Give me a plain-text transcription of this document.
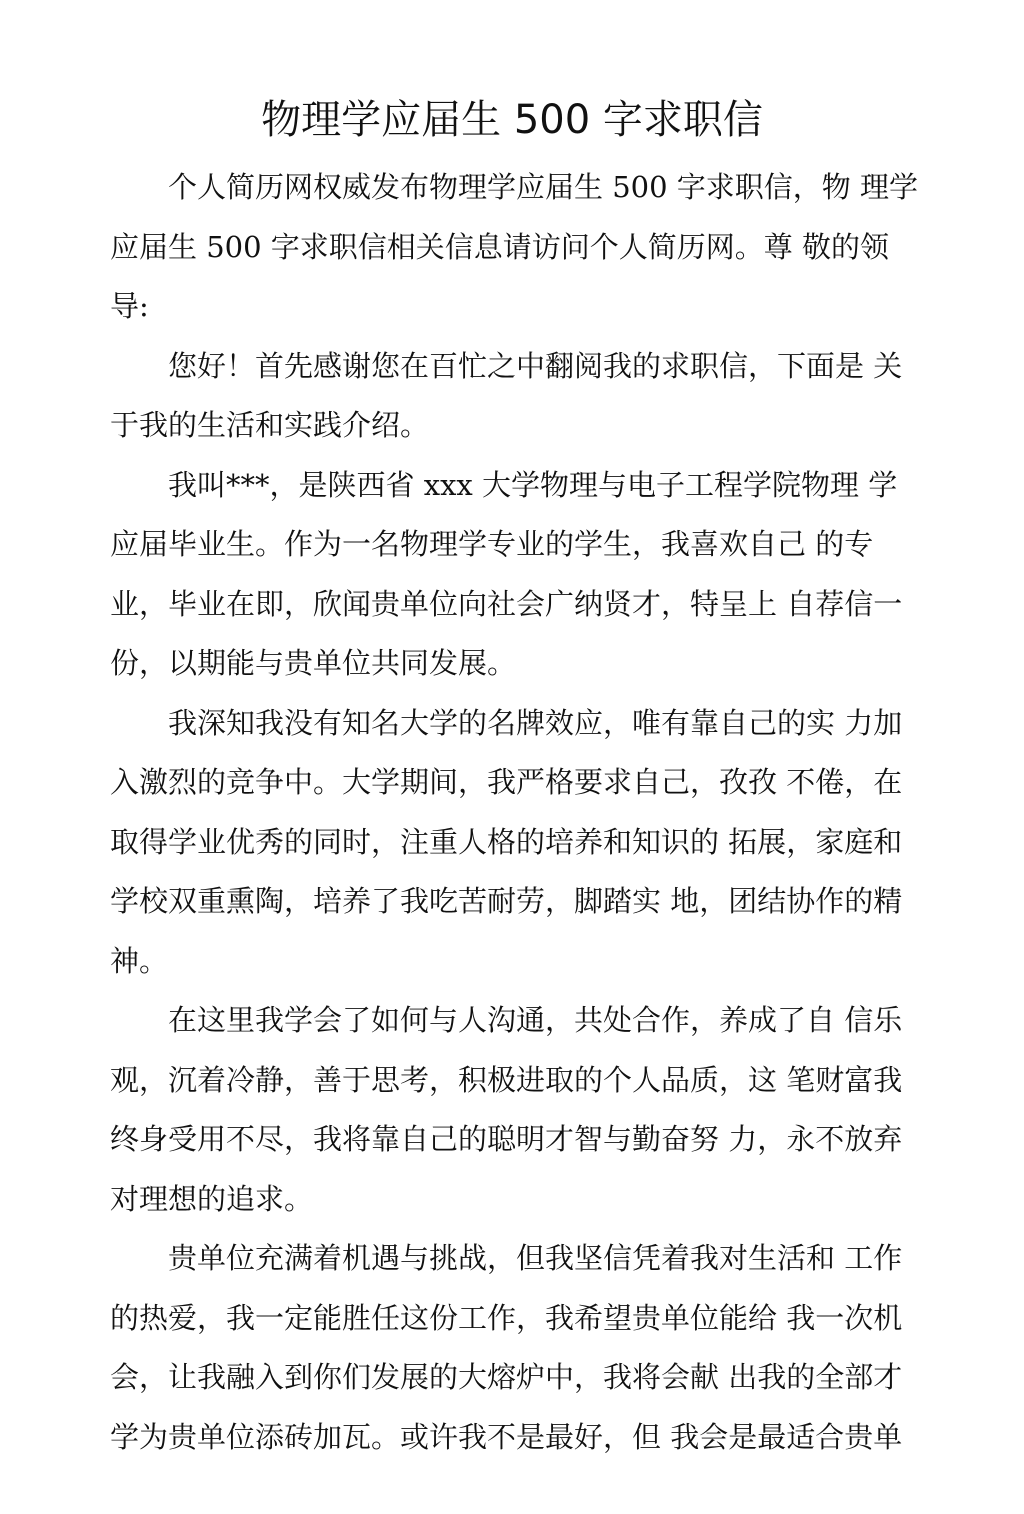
物理学应届生 500 字求职信

个人简历网权威发布物理学应届生 500 字求职信，物 理学应届生 500 字求职信相关信息请访问个人简历网。尊 敬的领导:

您好！首先感谢您在百忙之中翻阅我的求职信，下面是 关于我的生活和实践介绍。

我叫***，是陕西省 xxx 大学物理与电子工程学院物理 学应届毕业生。作为一名物理学专业的学生，我喜欢自己 的专业，毕业在即，欣闻贵单位向社会广纳贤才，特呈上 自荐信一份，以期能与贵单位共同发展。

我深知我没有知名大学的名牌效应，唯有靠自己的实 力加入激烈的竞争中。大学期间，我严格要求自己，孜孜 不倦，在取得学业优秀的同时，注重人格的培养和知识的 拓展，家庭和学校双重熏陶，培养了我吃苦耐劳，脚踏实 地，团结协作的精神。

在这里我学会了如何与人沟通，共处合作，养成了自 信乐观，沉着冷静，善于思考，积极进取的个人品质，这 笔财富我终身受用不尽，我将靠自己的聪明才智与勤奋努 力，永不放弃对理想的追求。

贵单位充满着机遇与挑战，但我坚信凭着我对生活和 工作的热爱，我一定能胜任这份工作，我希望贵单位能给 我一次机会，让我融入到你们发展的大熔炉中，我将会献 出我的全部才学为贵单位添砖加瓦。或许我不是最好，但 我会是最适合贵单
